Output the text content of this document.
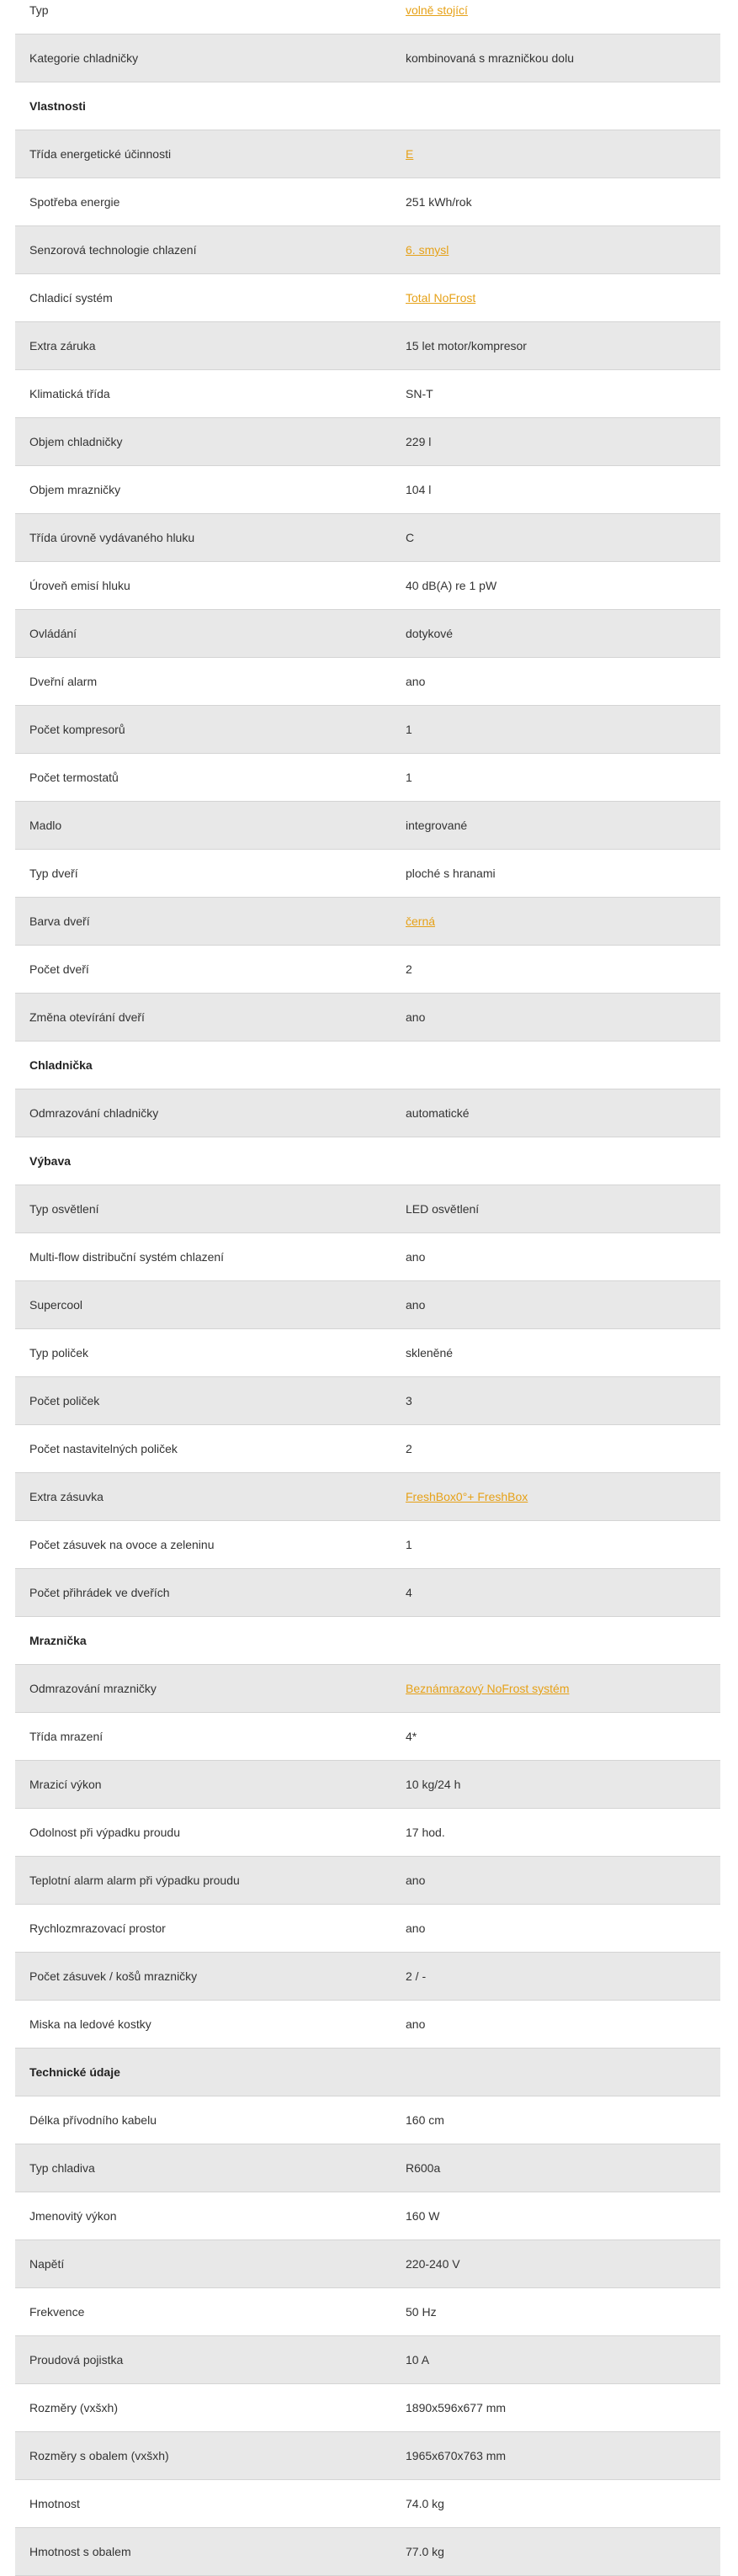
Typ	volně stojící
Kategorie chladničky	kombinovaná s mrazničkou dolu
Vlastnosti
Třída energetické účinnosti	E
Spotřeba energie	251 kWh/rok
Senzorová technologie chlazení	6. smysl
Chladicí systém	Total NoFrost
Extra záruka	15 let motor/kompresor
Klimatická třída	SN-T
Objem chladničky	229 l
Objem mrazničky	104 l
Třída úrovně vydávaného hluku	C
Úroveň emisí hluku	40 dB(A) re 1 pW
Ovládání	dotykové
Dveřní alarm	ano
Počet kompresorů	1
Počet termostatů	1
Madlo	integrované
Typ dveří	ploché s hranami
Barva dveří	černá
Počet dveří	2
Změna otevírání dveří	ano
Chladnička
Odmrazování chladničky	automatické
Výbava
Typ osvětlení	LED osvětlení
Multi-flow distribuční systém chlazení	ano
Supercool	ano
Typ poliček	skleněné
Počet poliček	3
Počet nastavitelných poliček	2
Extra zásuvka	FreshBox0°+ FreshBox
Počet zásuvek na ovoce a zeleninu	1
Počet přihrádek ve dveřích	4
Mraznička
Odmrazování mrazničky	Beznámrazový NoFrost systém
Třída mrazení	4*
Mrazicí výkon	10 kg/24 h
Odolnost při výpadku proudu	17 hod.
Teplotní alarm alarm při výpadku proudu	ano
Rychlozmrazovací prostor	ano
Počet zásuvek / košů mrazničky	2 / -
Miska na ledové kostky	ano
Technické údaje
Délka přívodního kabelu	160 cm
Typ chladiva	R600a
Jmenovitý výkon	160 W
Napětí	220-240 V
Frekvence	50 Hz
Proudová pojistka	10 A
Rozměry (vxšxh)	1890x596x677 mm
Rozměry s obalem (vxšxh)	1965x670x763 mm
Hmotnost	74.0 kg
Hmotnost s obalem	77.0 kg
